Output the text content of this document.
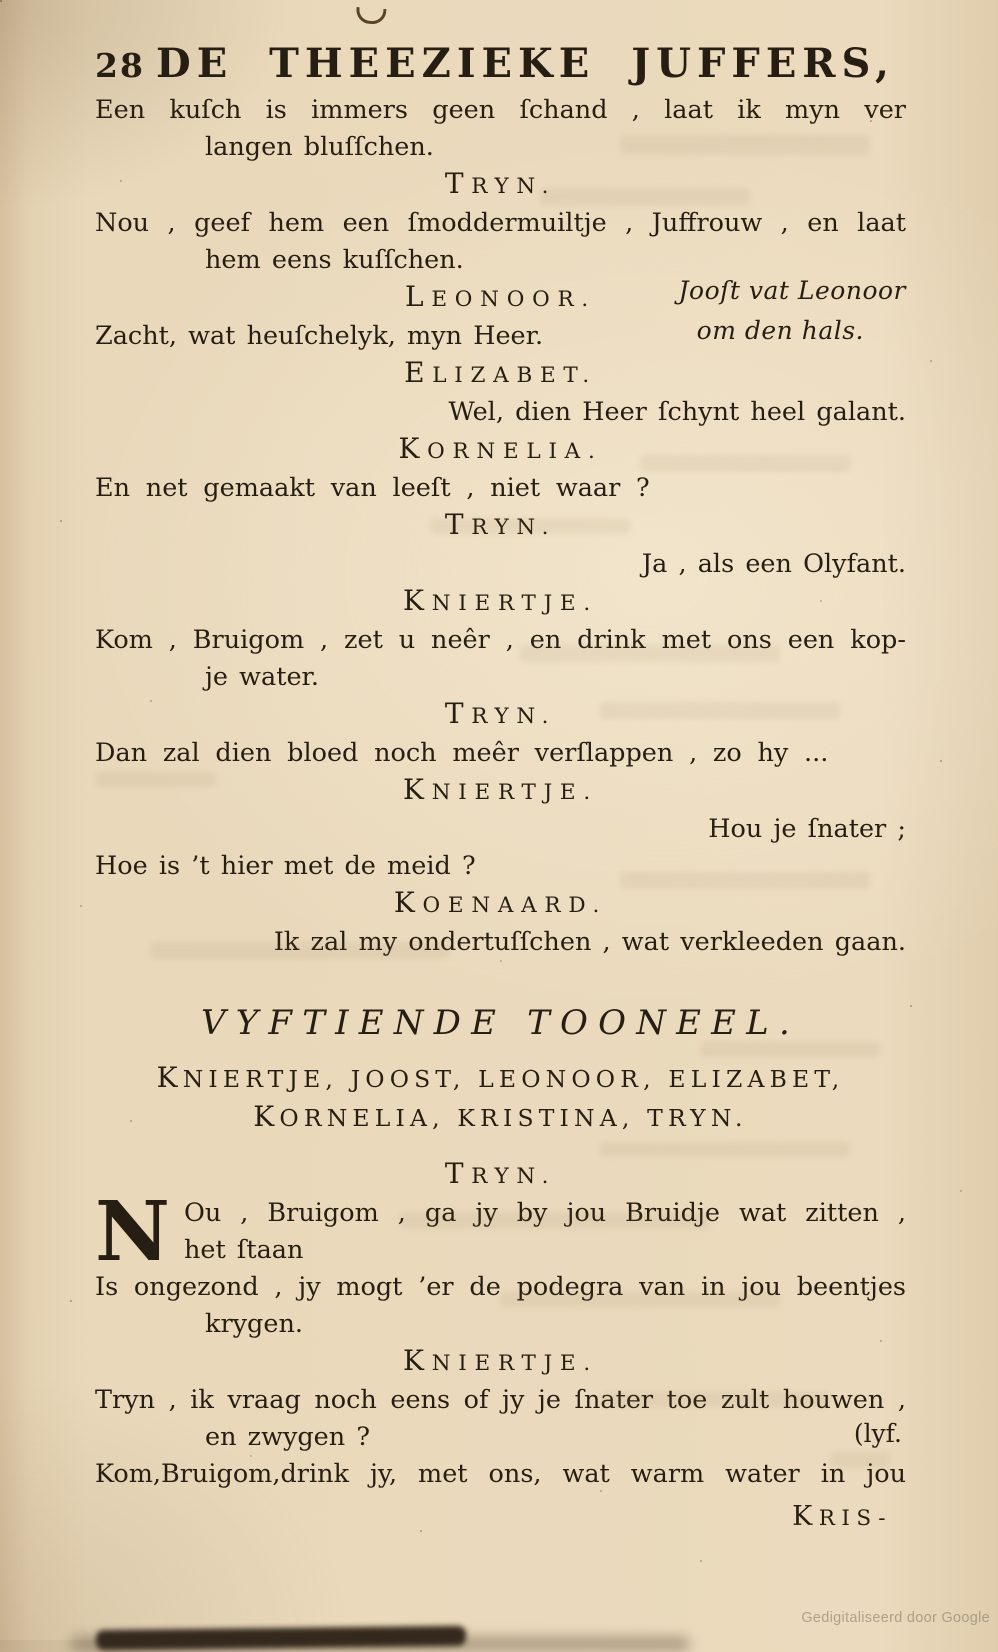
28 DE THEEZIEKE JUFFERS,
Een kuſch is immers geen ſchand , laat ik myn ver
langen bluſſchen.
TRYN.
Nou , geef hem een ſmoddermuiltje , Juffrouw , en laat
hem eens kuſſchen.
LEONOOR.	Jooſt vat Leonoor
Zacht, wat heuſchelyk, myn Heer.	om den hals.
ELIZABET.
Wel, dien Heer ſchynt heel galant.
KORNELIA.
En net gemaakt van leeſt , niet waar ?
TRYN.
Ja , als een Olyfant.
KNIERTJE.
Kom , Bruigom , zet u neêr , en drink met ons een kop-
je water.
TRYN.
Dan zal dien bloed noch meêr verſlappen , zo hy ...
KNIERTJE.
Hou je ſnater ;
Hoe is ’t hier met de meid ?
KOENAARD.
Ik zal my ondertuſſchen , wat verkleeden gaan.
VYFTIENDE TOONEEL.
KNIERTJE, JOOST, LEONOOR, ELIZABET,
KORNELIA, KRISTINA, TRYN.
TRYN.
N Ou , Bruigom , ga jy by jou Bruidje wat zitten ,
het ſtaan
Is ongezond , jy mogt ’er de podegra van in jou beentjes
krygen.
KNIERTJE.
Tryn , ik vraag noch eens of jy je ſnater toe zult houwen ,
en zwygen ?	(lyf.
Kom,Bruigom,drink jy, met ons, wat warm water in jou
KRIS-
Gedigitaliseerd door Google
